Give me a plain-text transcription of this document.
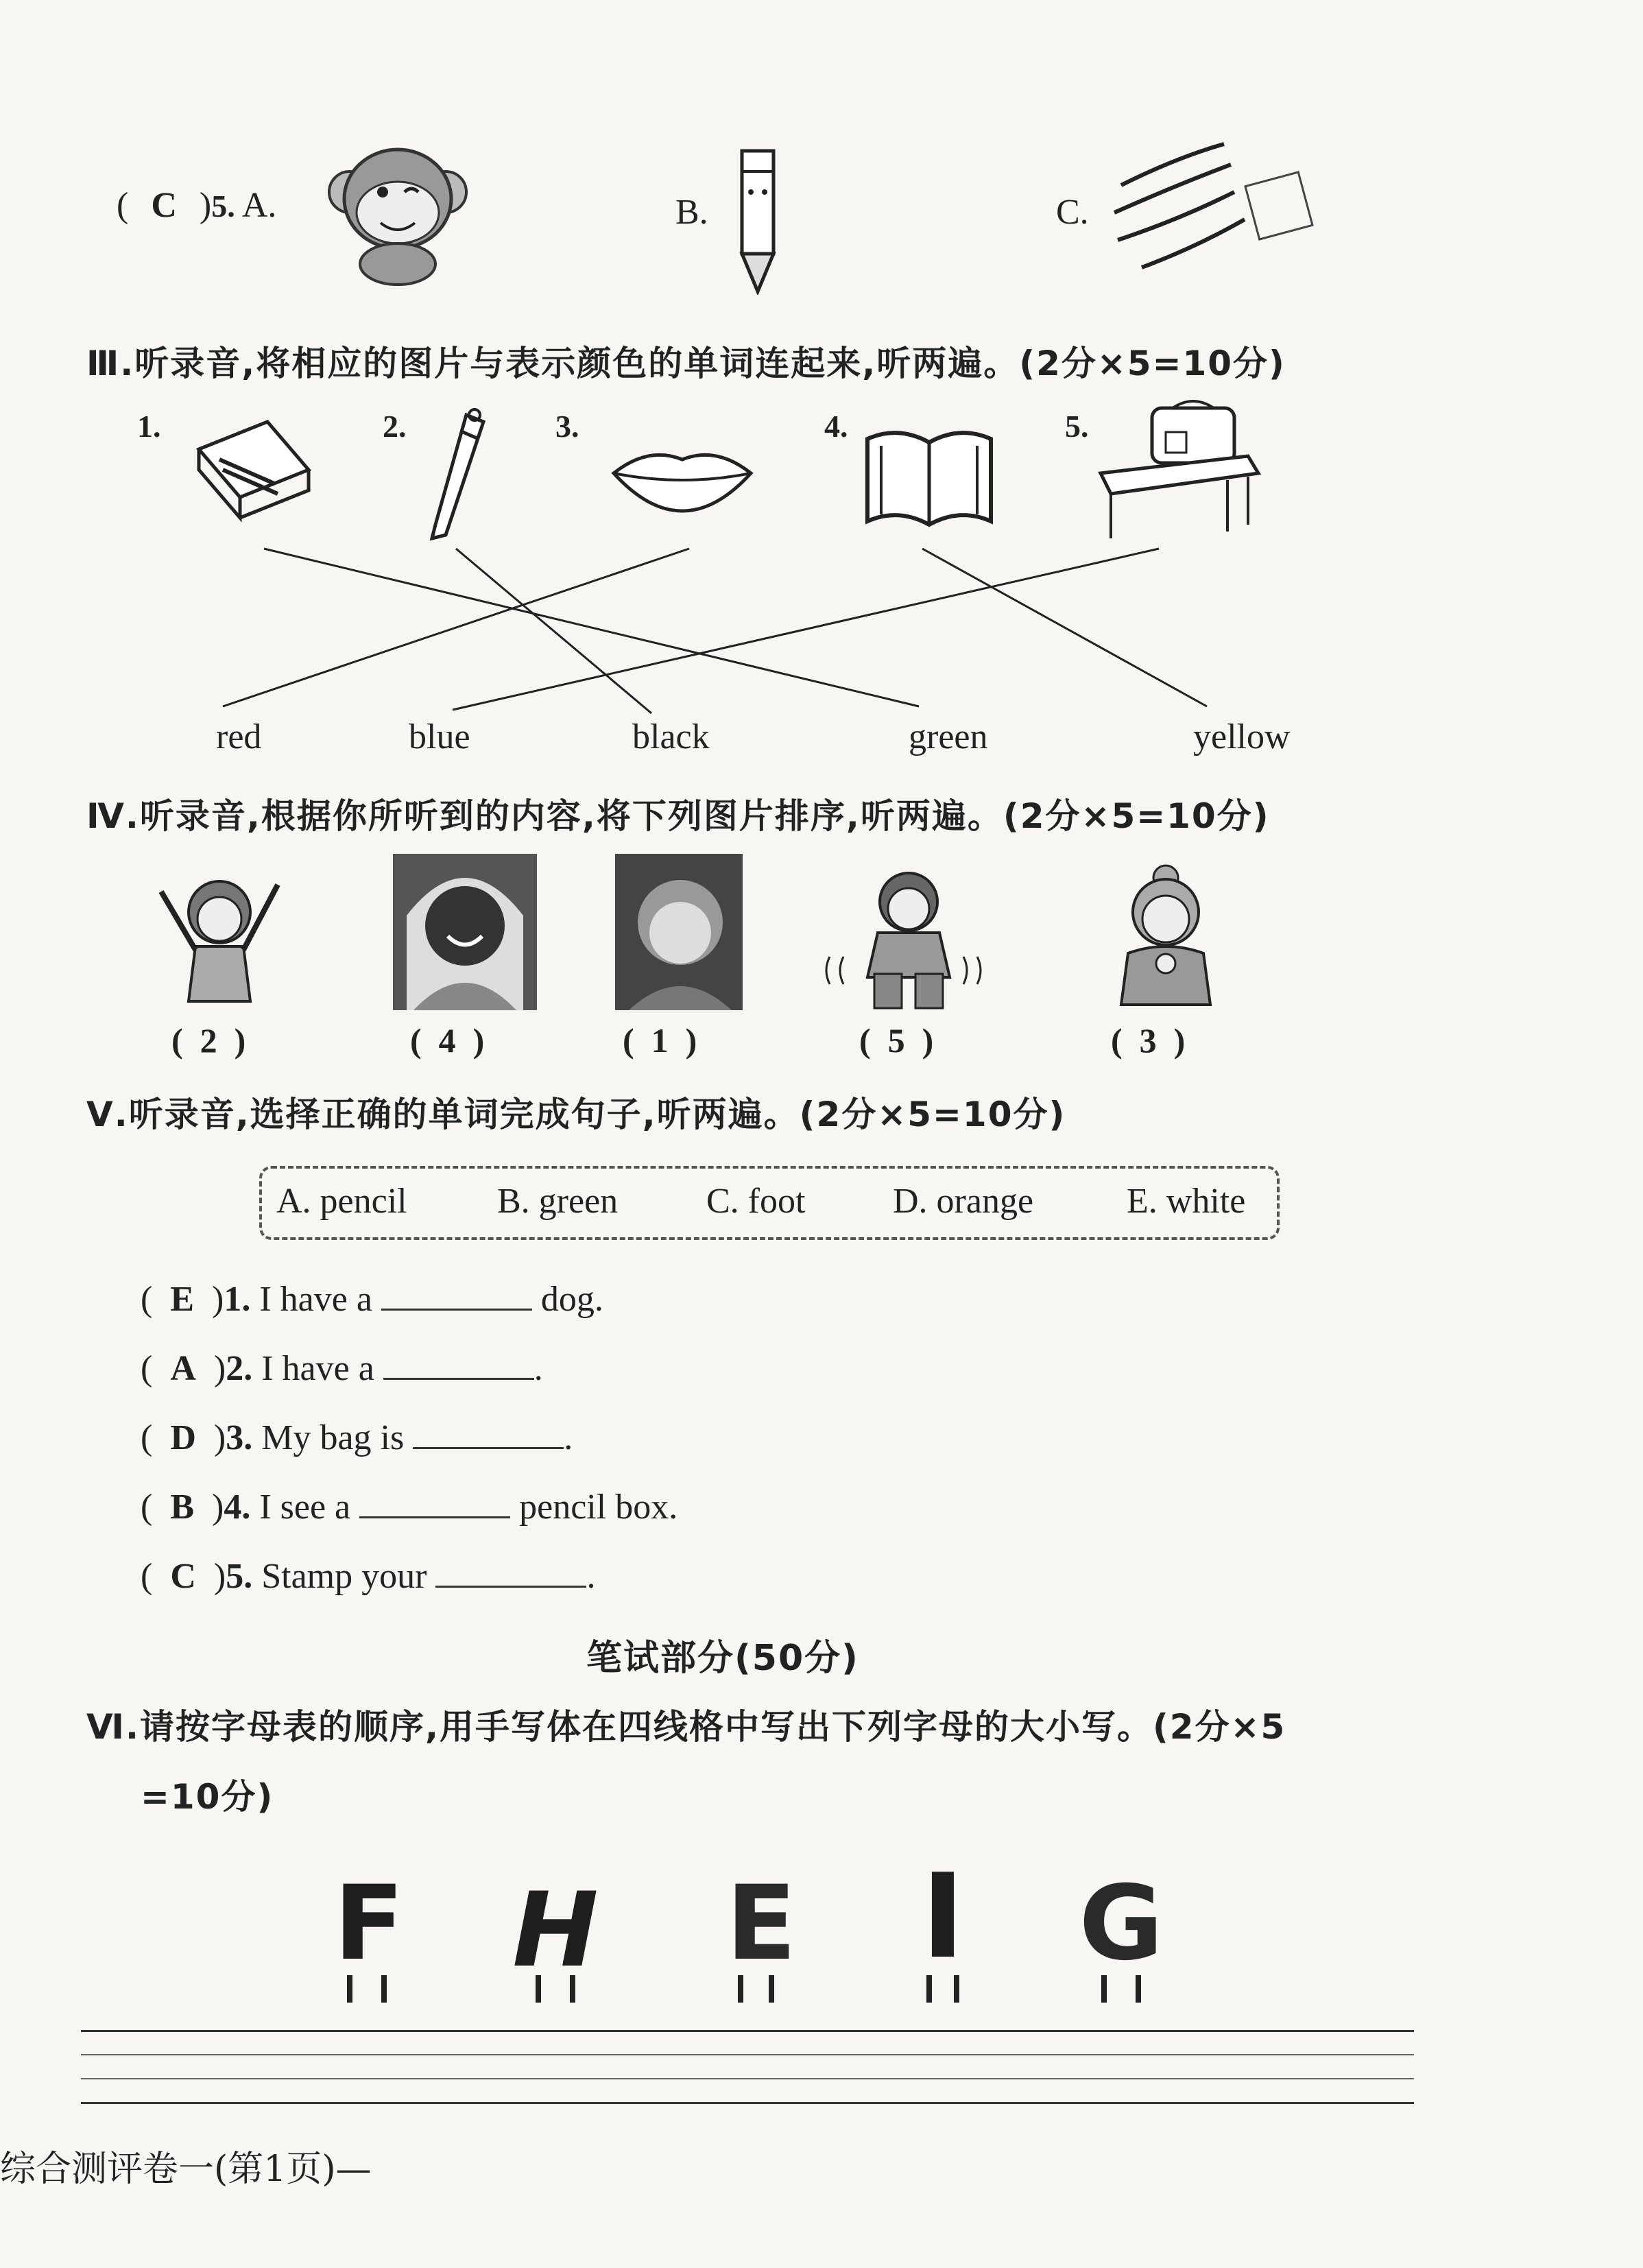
( C )5. A.	B.	C.
Ⅲ.听录音,将相应的图片与表示颜色的单词连起来,听两遍。(2分×5=10分)
1.	2.	3.	4.	5.
red	blue	black	green	yellow
Ⅳ.听录音,根据你所听到的内容,将下列图片排序,听两遍。(2分×5=10分)
(  2  )	(  4  )	(  1  )	(  5  )	(  3  )
Ⅴ.听录音,选择正确的单词完成句子,听两遍。(2分×5=10分)
A. pencil	B. green C. foot D. orange	E. white
(  E  )1. I have a	dog.
(  A  )2. I have a	.
(  D  )3. My bag is	.
(  B  )4. I see a	pencil box.
(  C  )5. Stamp your	.
笔试部分(50分)
Ⅵ.请按字母表的顺序,用手写体在四线格中写出下列字母的大小写。(2分×5
=10分)
F H E I G
综合测评卷一(第1页)—
